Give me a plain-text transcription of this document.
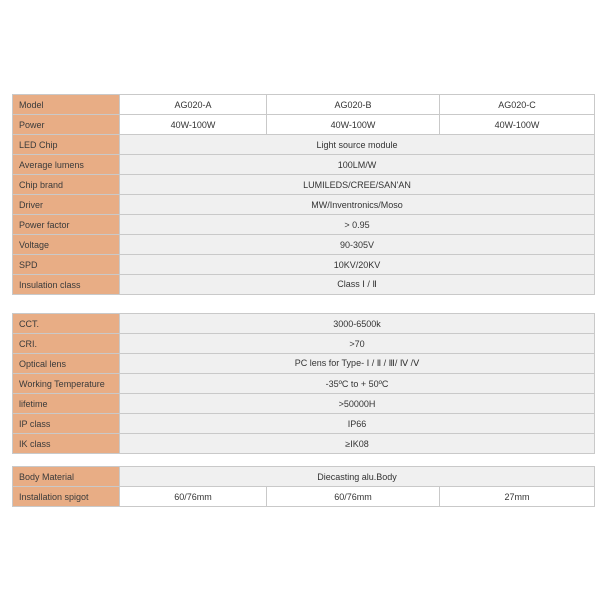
Model	AG020-A	AG020-B	AG020-C
Power	40W-100W	40W-100W	40W-100W
LED Chip	Light source module		
Average lumens	100LM/W		
Chip brand	LUMILEDS/CREE/SAN'AN		
Driver	MW/Inventronics/Moso		
Power factor	> 0.95		
Voltage	90-305V		
SPD	10KV/20KV		
Insulation class	Class Ⅰ / Ⅱ		
CCT.	3000-6500k
CRI.	>70
Optical lens	PC lens for Type- Ⅰ / Ⅱ / Ⅲ/ Ⅳ /Ⅴ
Working Temperature	-35ºC to + 50ºC
lifetime	>50000H
IP class	IP66
IK class	≥IK08
Body Material	Diecasting alu.Body		
Installation spigot	60/76mm	60/76mm	27mm
